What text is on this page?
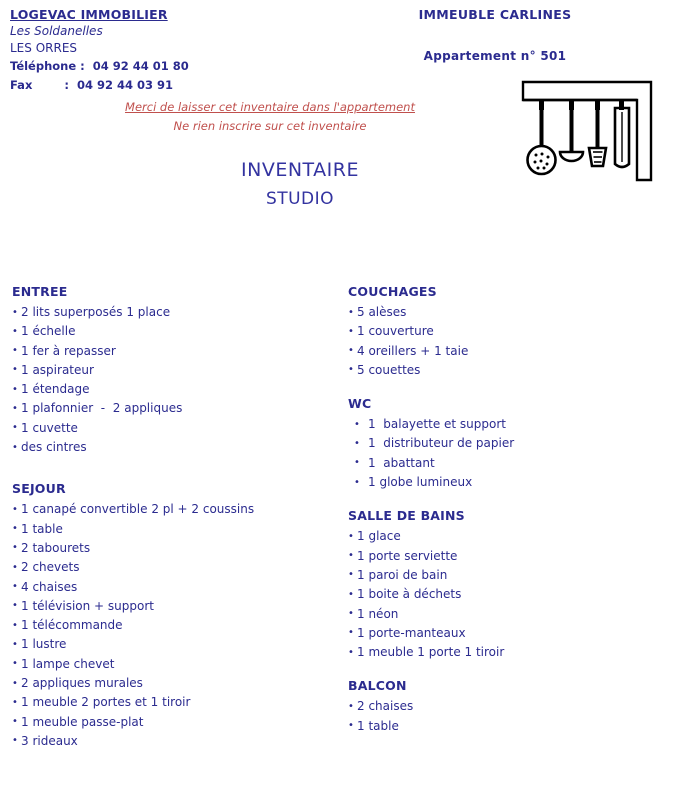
LOGEVAC IMMOBILIER
Les Soldanelles
LES ORRES
Téléphone :  04 92 44 01 80
Fax        :  04 92 44 03 91
IMMEUBLE CARLINES
Appartement n° 501
Merci de laisser cet inventaire dans l'appartement
Ne rien inscrire sur cet inventaire
INVENTAIRE
STUDIO
ENTREE
• 2 lits superposés 1 place
• 1 échelle
• 1 fer à repasser
• 1 aspirateur
• 1 étendage
• 1 plafonnier  -  2 appliques
• 1 cuvette
• des cintres
SEJOUR
• 1 canapé convertible 2 pl + 2 coussins
• 1 table
• 2 tabourets
• 2 chevets
• 4 chaises
• 1 télévision + support
• 1 télécommande
• 1 lustre
• 1 lampe chevet
• 2 appliques murales
• 1 meuble 2 portes et 1 tiroir
• 1 meuble passe-plat
• 3 rideaux
COUCHAGES
• 5 alèses
• 1 couverture
• 4 oreillers + 1 taie
• 5 couettes
WC
• 1  balayette et support
• 1  distributeur de papier
• 1  abattant
• 1 globe lumineux
SALLE DE BAINS
• 1 glace
• 1 porte serviette
• 1 paroi de bain
• 1 boite à déchets
• 1 néon
• 1 porte-manteaux
• 1 meuble 1 porte 1 tiroir
BALCON
• 2 chaises
• 1 table
